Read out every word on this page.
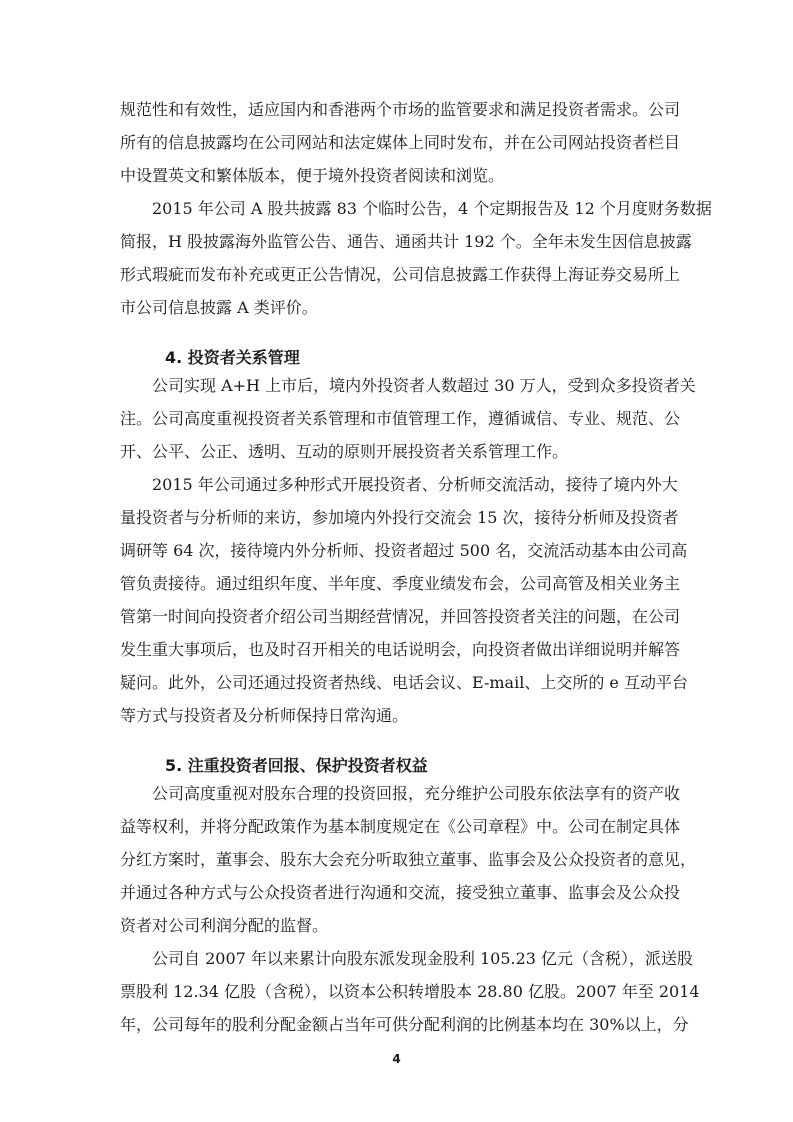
规范性和有效性，适应国内和香港两个市场的监管要求和满足投资者需求。公司
所有的信息披露均在公司网站和法定媒体上同时发布，并在公司网站投资者栏目
中设置英文和繁体版本，便于境外投资者阅读和浏览。
2015 年公司 A 股共披露 83 个临时公告，4 个定期报告及 12 个月度财务数据
简报，H 股披露海外监管公告、通告、通函共计 192 个。全年未发生因信息披露
形式瑕疵而发布补充或更正公告情况，公司信息披露工作获得上海证券交易所上
市公司信息披露 A 类评价。
4. 投资者关系管理
公司实现 A+H 上市后，境内外投资者人数超过 30 万人，受到众多投资者关
注。公司高度重视投资者关系管理和市值管理工作，遵循诚信、专业、规范、公
开、公平、公正、透明、互动的原则开展投资者关系管理工作。
2015 年公司通过多种形式开展投资者、分析师交流活动，接待了境内外大
量投资者与分析师的来访，参加境内外投行交流会 15 次，接待分析师及投资者
调研等 64 次，接待境内外分析师、投资者超过 500 名，交流活动基本由公司高
管负责接待。通过组织年度、半年度、季度业绩发布会，公司高管及相关业务主
管第一时间向投资者介绍公司当期经营情况，并回答投资者关注的问题，在公司
发生重大事项后，也及时召开相关的电话说明会，向投资者做出详细说明并解答
疑问。此外，公司还通过投资者热线、电话会议、E-mail、上交所的 e 互动平台
等方式与投资者及分析师保持日常沟通。
5. 注重投资者回报、保护投资者权益
公司高度重视对股东合理的投资回报，充分维护公司股东依法享有的资产收
益等权利，并将分配政策作为基本制度规定在《公司章程》中。公司在制定具体
分红方案时，董事会、股东大会充分听取独立董事、监事会及公众投资者的意见，
并通过各种方式与公众投资者进行沟通和交流，接受独立董事、监事会及公众投
资者对公司利润分配的监督。
公司自 2007 年以来累计向股东派发现金股利 105.23 亿元（含税），派送股
票股利 12.34 亿股（含税），以资本公积转增股本 28.80 亿股。2007 年至 2014
年，公司每年的股利分配金额占当年可供分配利润的比例基本均在 30%以上，分
4
